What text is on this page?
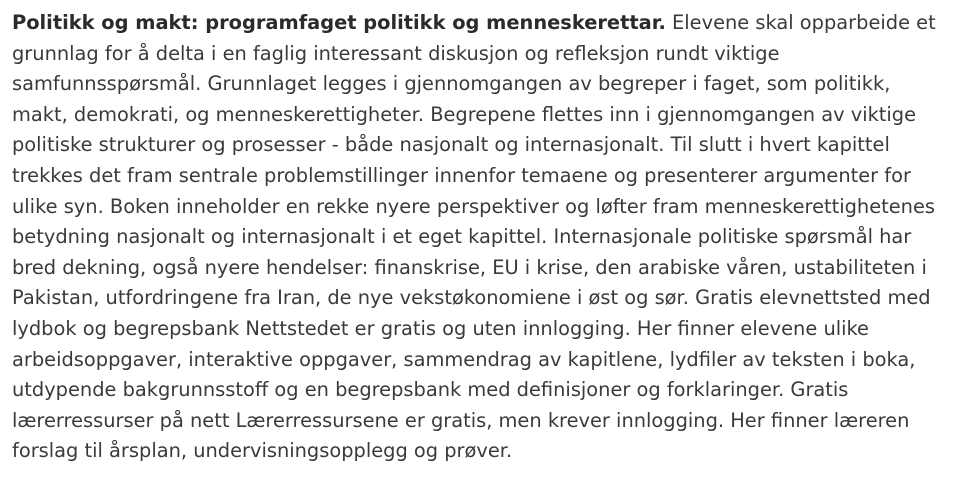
Politikk og makt: programfaget politikk og menneskerettar. Elevene skal opparbeide et grunnlag for å delta i en faglig interessant diskusjon og refleksjon rundt viktige samfunnsspørsmål. Grunnlaget legges i gjennomgangen av begreper i faget, som politikk, makt, demokrati, og menneskerettigheter. Begrepene flettes inn i gjennomgangen av viktige politiske strukturer og prosesser - både nasjonalt og internasjonalt. Til slutt i hvert kapittel trekkes det fram sentrale problemstillinger innenfor temaene og presenterer argumenter for ulike syn. Boken inneholder en rekke nyere perspektiver og løfter fram menneskerettighetenes betydning nasjonalt og internasjonalt i et eget kapittel. Internasjonale politiske spørsmål har bred dekning, også nyere hendelser: finanskrise, EU i krise, den arabiske våren, ustabiliteten i Pakistan, utfordringene fra Iran, de nye vekstøkonomiene i øst og sør. Gratis elevnettsted med lydbok og begrepsbank Nettstedet er gratis og uten innlogging. Her finner elevene ulike arbeidsoppgaver, interaktive oppgaver, sammendrag av kapitlene, lydfiler av teksten i boka, utdypende bakgrunnsstoff og en begrepsbank med definisjoner og forklaringer. Gratis lærerressurser på nett Lærerressursene er gratis, men krever innlogging. Her finner læreren forslag til årsplan, undervisningsopplegg og prøver.
